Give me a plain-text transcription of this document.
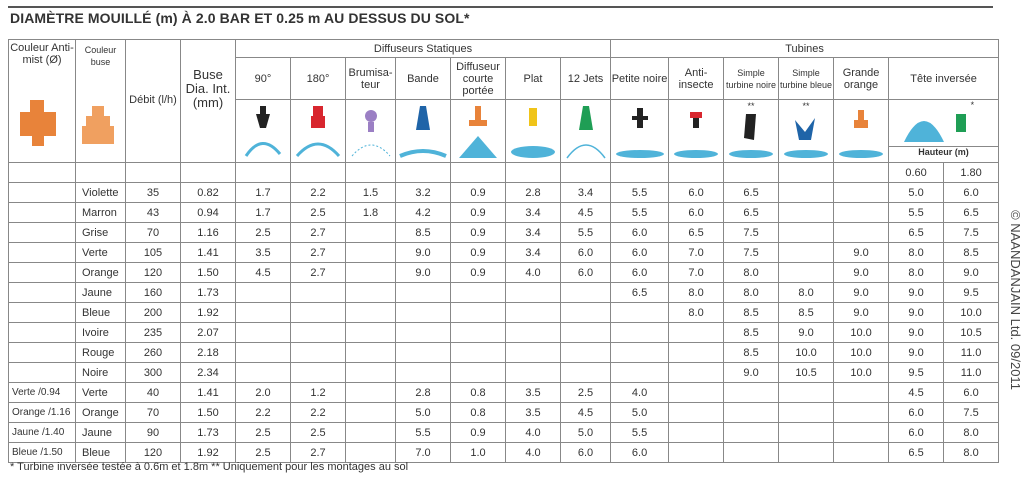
DIAMÈTRE MOUILLÉ (m) À 2.0 BAR ET 0.25 m AU DESSUS DU SOL*
Couleur Anti-mist (Ø)	Couleur buse	Débit (l/h)	Buse Dia. Int. (mm)	Diffuseurs Statiques							Tubines						
				90°	180°	Brumisa- teur	Bande	Diffuseur courte portée	Plat	12 Jets	Petite noire	Anti- insecte	Simple turbine noire	Simple turbine bleue	Grande orange	Tête inversée	

**	**		*
Hauteur (m)	

																0.60	1.80
	Violette	35	0.82	1.7	2.2	1.5	3.2	0.9	2.8	3.4	5.5	6.0	6.5			5.0	6.0
	Marron	43	0.94	1.7	2.5	1.8	4.2	0.9	3.4	4.5	5.5	6.0	6.5			5.5	6.5
	Grise	70	1.16	2.5	2.7		8.5	0.9	3.4	5.5	6.0	6.5	7.5			6.5	7.5
	Verte	105	1.41	3.5	2.7		9.0	0.9	3.4	6.0	6.0	7.0	7.5		9.0	8.0	8.5
	Orange	120	1.50	4.5	2.7		9.0	0.9	4.0	6.0	6.0	7.0	8.0		9.0	8.0	9.0
	Jaune	160	1.73								6.5	8.0	8.0	8.0	9.0	9.0	9.5
	Bleue	200	1.92									8.0	8.5	8.5	9.0	9.0	10.0
	Ivoire	235	2.07										8.5	9.0	10.0	9.0	10.5
	Rouge	260	2.18										8.5	10.0	10.0	9.0	11.0
	Noire	300	2.34										9.0	10.5	10.0	9.5	11.0
Verte /0.94	Verte	40	1.41	2.0	1.2		2.8	0.8	3.5	2.5	4.0					4.5	6.0
Orange /1.16	Orange	70	1.50	2.2	2.2		5.0	0.8	3.5	4.5	5.0					6.0	7.5
Jaune /1.40	Jaune	90	1.73	2.5	2.5		5.5	0.9	4.0	5.0	5.5					6.0	8.0
Bleue /1.50	Bleue	120	1.92	2.5	2.7		7.0	1.0	4.0	6.0	6.0					6.5	8.0
* Turbine inversée testée à 0.6m et 1.8m ** Uniquement pour les montages au sol
© NAANDANJAIN Ltd. 09/2011
